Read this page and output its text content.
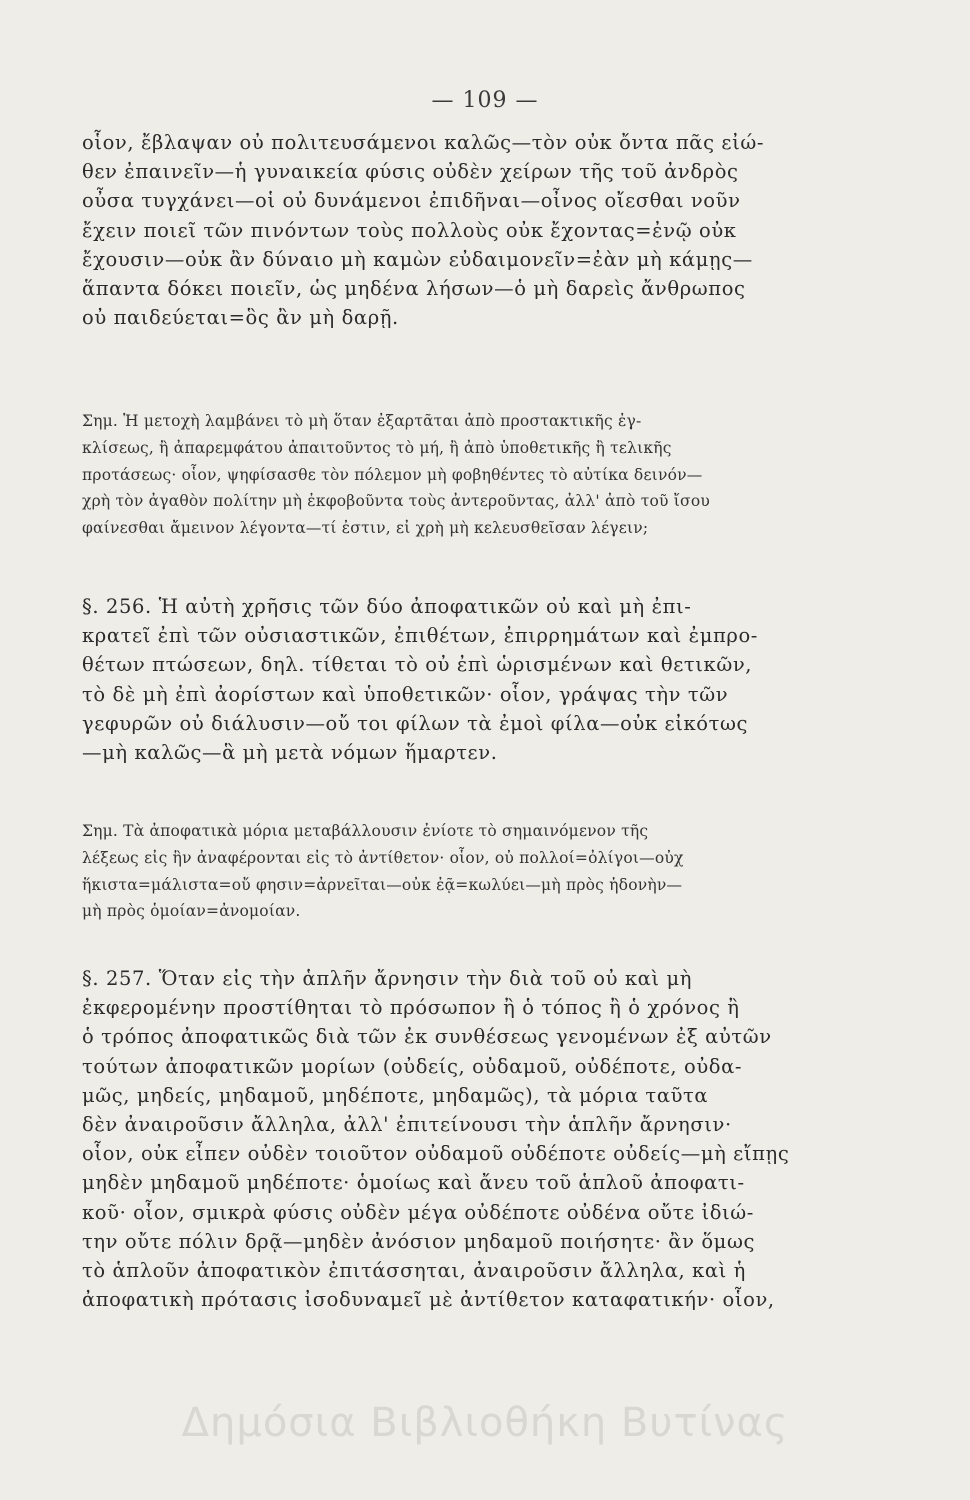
— 109 —
οἷον, ἔβλαψαν οὐ πολιτευσάμενοι καλῶς—τὸν οὐκ ὄντα πᾶς εἰώ-
θεν ἐπαινεῖν—ἡ γυναικεία φύσις οὐδὲν χείρων τῆς τοῦ ἀνδρὸς
οὖσα τυγχάνει—οἱ οὐ δυνάμενοι ἐπιδῆναι—οἶνος οἴεσθαι νοῦν
ἔχειν ποιεῖ τῶν πινόντων τοὺς πολλοὺς οὐκ ἔχοντας=ἐνῷ οὐκ
ἔχουσιν—οὐκ ἂν δύναιο μὴ καμὼν εὐδαιμονεῖν=ἐὰν μὴ κάμῃς—
ἅπαντα δόκει ποιεῖν, ὡς μηδένα λήσων—ὁ μὴ δαρεὶς ἄνθρωπος
οὐ παιδεύεται=ὃς ἂν μὴ δαρῇ.
Σημ. Ἡ μετοχὴ λαμβάνει τὸ μὴ ὅταν ἐξαρτᾶται ἀπὸ προστακτικῆς ἐγ-
κλίσεως, ἢ ἀπαρεμφάτου ἀπαιτοῦντος τὸ μή, ἢ ἀπὸ ὑποθετικῆς ἢ τελικῆς
προτάσεως· οἷον, ψηφίσασθε τὸν πόλεμον μὴ φοβηθέντες τὸ αὐτίκα δεινόν—
χρὴ τὸν ἀγαθὸν πολίτην μὴ ἐκφοβοῦντα τοὺς ἀντεροῦντας, ἀλλ' ἀπὸ τοῦ ἴσου
φαίνεσθαι ἄμεινον λέγοντα—τί ἐστιν, εἰ χρὴ μὴ κελευσθεῖσαν λέγειν;
§. 256. Ἡ αὐτὴ χρῆσις τῶν δύο ἀποφατικῶν οὐ καὶ μὴ ἐπι-
κρατεῖ ἐπὶ τῶν οὐσιαστικῶν, ἐπιθέτων, ἐπιρρημάτων καὶ ἐμπρο-
θέτων πτώσεων, δηλ. τίθεται τὸ οὐ ἐπὶ ὡρισμένων καὶ θετικῶν,
τὸ δὲ μὴ ἐπὶ ἀορίστων καὶ ὑποθετικῶν· οἷον, γράψας τὴν τῶν
γεφυρῶν οὐ διάλυσιν—οὔ τοι φίλων τὰ ἐμοὶ φίλα—οὐκ εἰκότως
—μὴ καλῶς—ἃ μὴ μετὰ νόμων ἥμαρτεν.
Σημ. Τὰ ἀποφατικὰ μόρια μεταβάλλουσιν ἐνίοτε τὸ σημαινόμενον τῆς
λέξεως εἰς ἣν ἀναφέρονται εἰς τὸ ἀντίθετον· οἷον, οὐ πολλοί=ὀλίγοι—οὐχ
ἥκιστα=μάλιστα=οὔ φησιν=ἀρνεῖται—οὐκ ἐᾷ=κωλύει—μὴ πρὸς ἡδονὴν—
μὴ πρὸς ὁμοίαν=ἀνομοίαν.
§. 257. Ὅταν εἰς τὴν ἁπλῆν ἄρνησιν τὴν διὰ τοῦ οὐ καὶ μὴ
ἐκφερομένην προστίθηται τὸ πρόσωπον ἢ ὁ τόπος ἢ ὁ χρόνος ἢ
ὁ τρόπος ἀποφατικῶς διὰ τῶν ἐκ συνθέσεως γενομένων ἐξ αὐτῶν
τούτων ἀποφατικῶν μορίων (οὐδείς, οὐδαμοῦ, οὐδέποτε, οὐδα-
μῶς, μηδείς, μηδαμοῦ, μηδέποτε, μηδαμῶς), τὰ μόρια ταῦτα
δὲν ἀναιροῦσιν ἄλληλα, ἀλλ' ἐπιτείνουσι τὴν ἁπλῆν ἄρνησιν·
οἷον, οὐκ εἶπεν οὐδὲν τοιοῦτον οὐδαμοῦ οὐδέποτε οὐδείς—μὴ εἴπῃς
μηδὲν μηδαμοῦ μηδέποτε· ὁμοίως καὶ ἄνευ τοῦ ἁπλοῦ ἀποφατι-
κοῦ· οἷον, σμικρὰ φύσις οὐδὲν μέγα οὐδέποτε οὐδένα οὔτε ἰδιώ-
την οὔτε πόλιν δρᾷ—μηδὲν ἀνόσιον μηδαμοῦ ποιήσητε· ἂν ὅμως
τὸ ἁπλοῦν ἀποφατικὸν ἐπιτάσσηται, ἀναιροῦσιν ἄλληλα, καὶ ἡ
ἀποφατικὴ πρότασις ἰσοδυναμεῖ μὲ ἀντίθετον καταφατικήν· οἷον,
Δημόσια Βιβλιοθήκη Βυτίνας
